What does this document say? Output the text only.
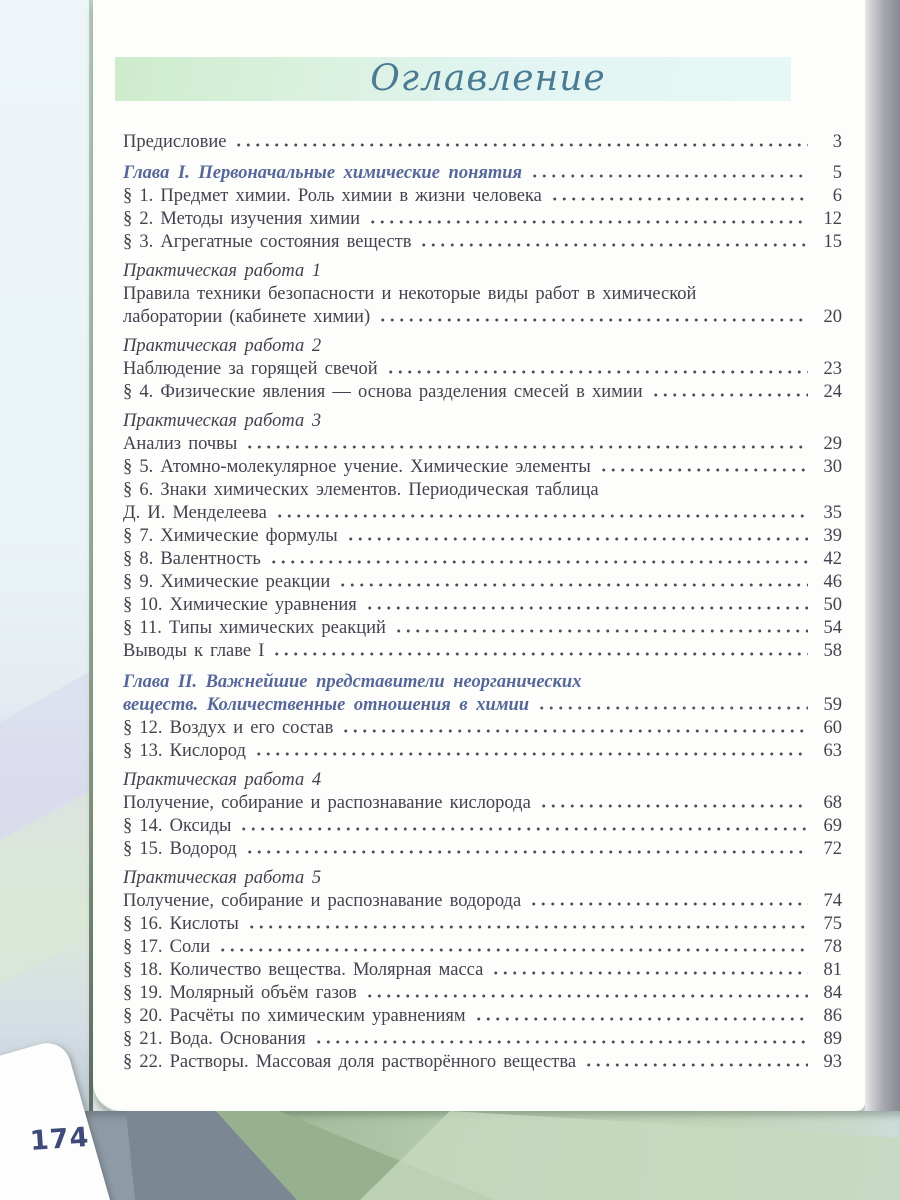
Оглавление
Предисловие	3
Глава I. Первоначальные химические понятия	5
§ 1. Предмет химии. Роль химии в жизни человека	6
§ 2. Методы изучения химии	12
§ 3. Агрегатные состояния веществ	15
Практическая работа 1
Правила техники безопасности и некоторые виды работ в химической
лаборатории (кабинете химии)	20
Практическая работа 2
Наблюдение за горящей свечой	23
§ 4. Физические явления — основа разделения смесей в химии	24
Практическая работа 3
Анализ почвы	29
§ 5. Атомно-молекулярное учение. Химические элементы	30
§ 6. Знаки химических элементов. Периодическая таблица
Д. И. Менделеева	35
§ 7. Химические формулы	39
§ 8. Валентность	42
§ 9. Химические реакции	46
§ 10. Химические уравнения	50
§ 11. Типы химических реакций	54
Выводы к главе I	58
Глава II. Важнейшие представители неорганических
веществ. Количественные отношения в химии	59
§ 12. Воздух и его состав	60
§ 13. Кислород	63
Практическая работа 4
Получение, собирание и распознавание кислорода	68
§ 14. Оксиды	69
§ 15. Водород	72
Практическая работа 5
Получение, собирание и распознавание водорода	74
§ 16. Кислоты	75
§ 17. Соли	78
§ 18. Количество вещества. Молярная масса	81
§ 19. Молярный объём газов	84
§ 20. Расчёты по химическим уравнениям	86
§ 21. Вода. Основания	89
§ 22. Растворы. Массовая доля растворённого вещества	93
174
